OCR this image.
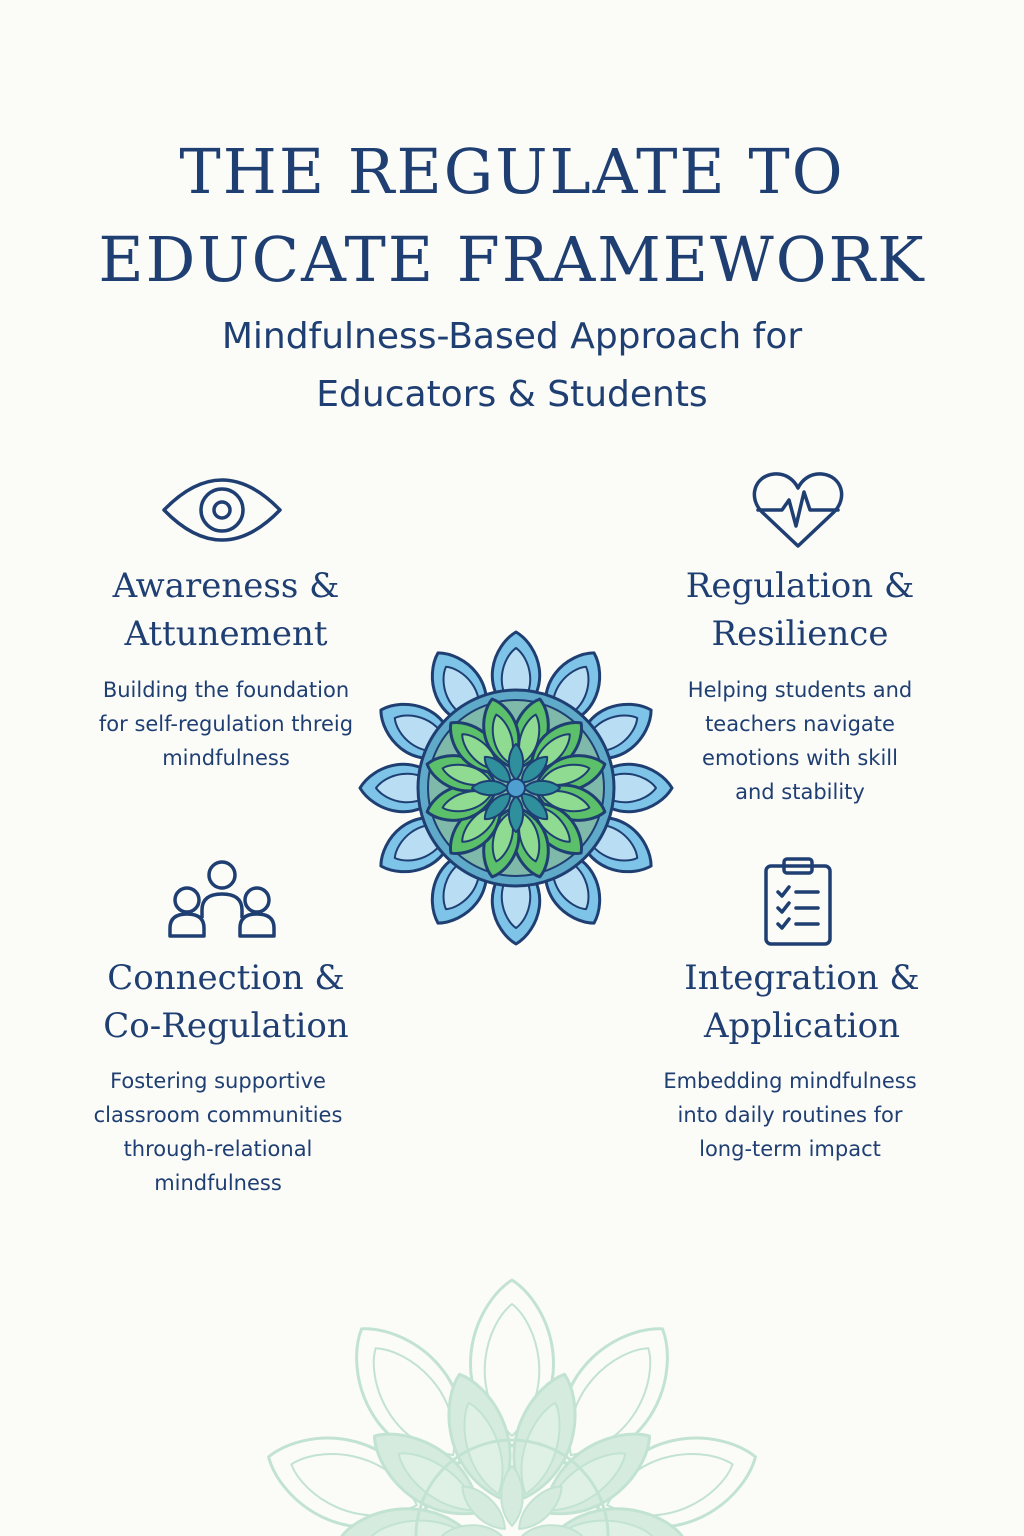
THE REGULATE TO
EDUCATE FRAMEWORK

Mindfulness-Based Approach for
Educators & Students

Awareness &
Attunement

Building the foundation
for self-regulation threig
mindfulness

Regulation &
Resilience

Helping students and
teachers navigate
emotions with skill
and stability

Connection &
Co-Regulation

Fostering supportive
classroom communities
through-relational
mindfulness

Integration &
Application

Embedding mindfulness
into daily routines for
long-term impact
